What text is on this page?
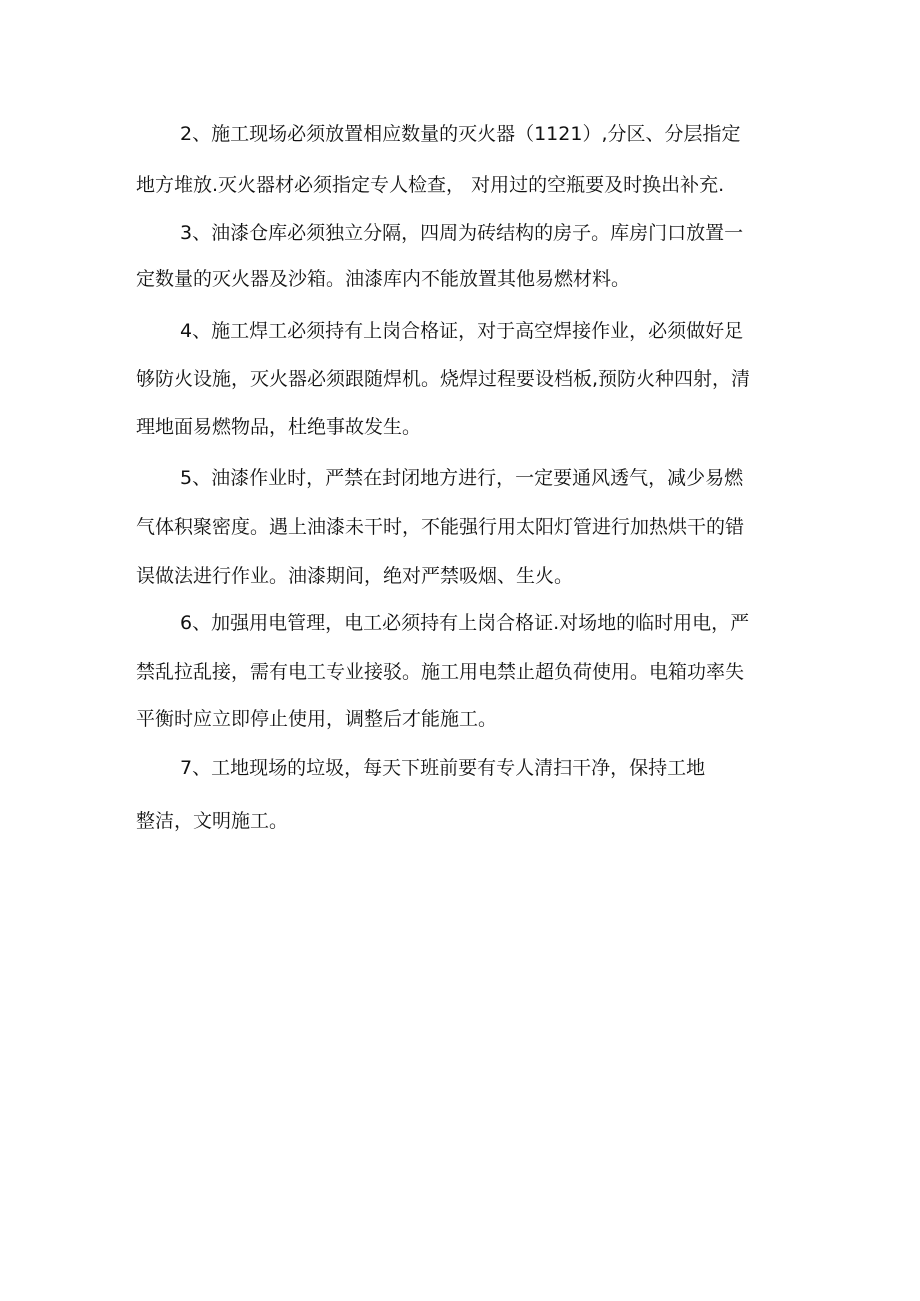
2、施工现场必须放置相应数量的灭火器（1121）,分区、分层指定
地方堆放.灭火器材必须指定专人检查， 对用过的空瓶要及时换出补充.
3、油漆仓库必须独立分隔，四周为砖结构的房子。库房门口放置一
定数量的灭火器及沙箱。油漆库内不能放置其他易燃材料。
4、施工焊工必须持有上岗合格证，对于高空焊接作业，必须做好足
够防火设施，灭火器必须跟随焊机。烧焊过程要设档板,预防火种四射，清
理地面易燃物品，杜绝事故发生。
5、油漆作业时，严禁在封闭地方进行，一定要通风透气，减少易燃
气体积聚密度。遇上油漆未干时，不能强行用太阳灯管进行加热烘干的错
误做法进行作业。油漆期间，绝对严禁吸烟、生火。
6、加强用电管理，电工必须持有上岗合格证.对场地的临时用电，严
禁乱拉乱接，需有电工专业接驳。施工用电禁止超负荷使用。电箱功率失
平衡时应立即停止使用，调整后才能施工。
7、工地现场的垃圾，每天下班前要有专人清扫干净，保持工地
整洁，文明施工。
